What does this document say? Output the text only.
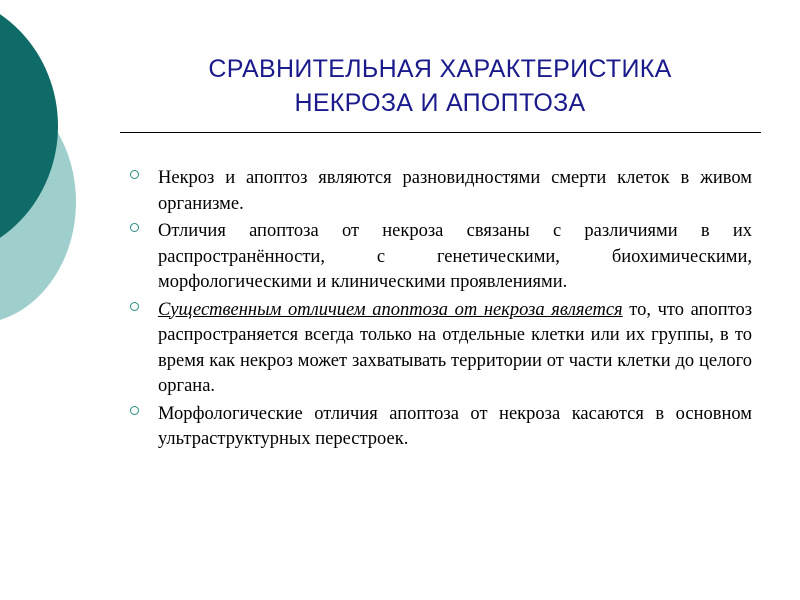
СРАВНИТЕЛЬНАЯ ХАРАКТЕРИСТИКА
НЕКРОЗА И АПОПТОЗА
Некроз и апоптоз являются разновидностями смерти клеток в живом организме.
Отличия апоптоза от некроза связаны с различиями в их распространённости, с генетическими, биохимическими, морфологическими и клиническими проявлениями.
Существенным отличием апоптоза от некроза является то, что апоптоз распространяется всегда только на отдельные клетки или их группы, в то время как некроз может захватывать территории от части клетки до целого органа.
Морфологические отличия апоптоза от некроза касаются в основном ультраструктурных перестроек.
